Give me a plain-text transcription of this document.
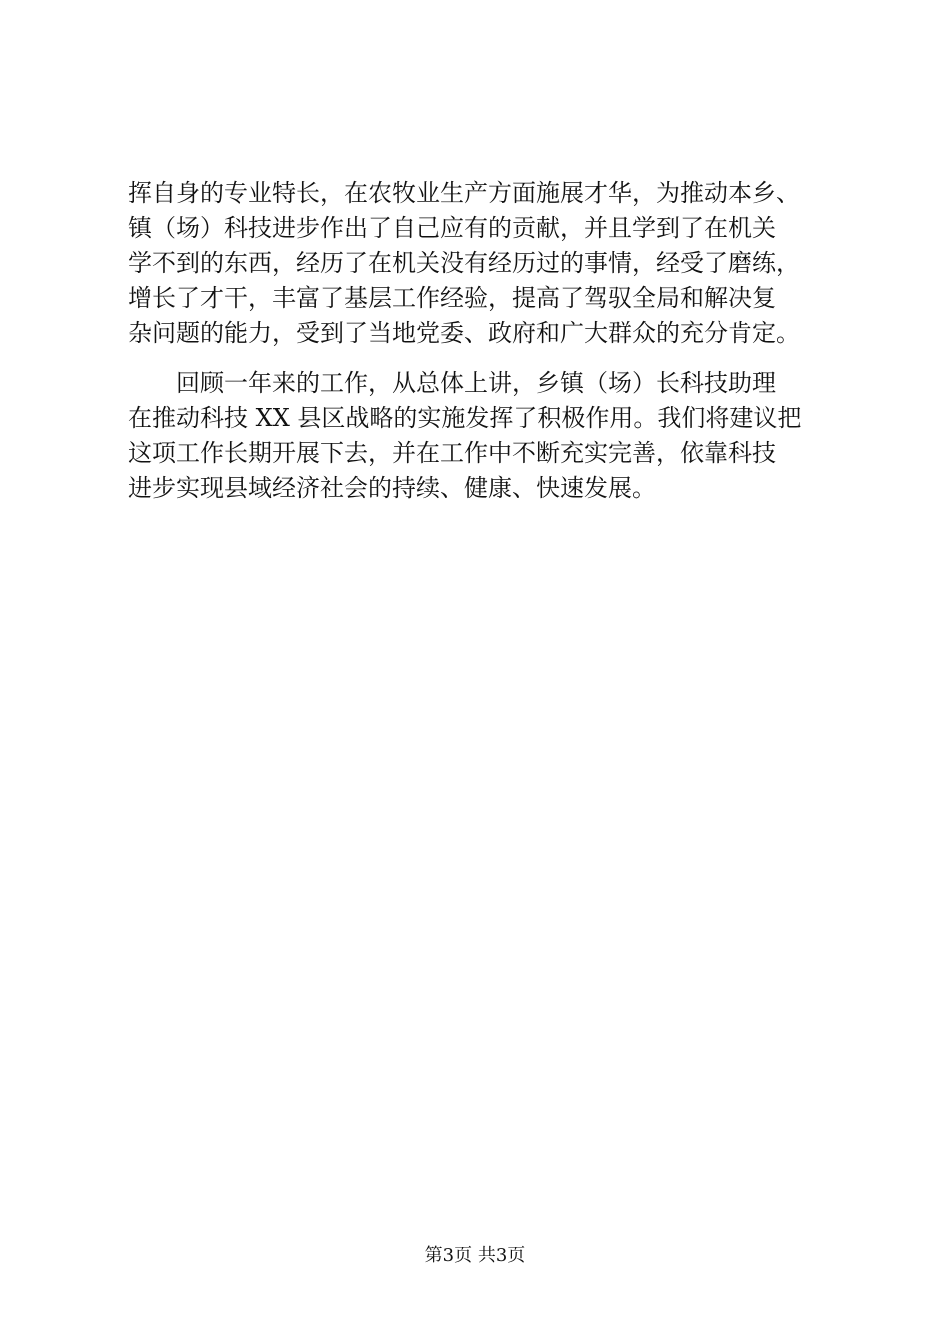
挥自身的专业特长，在农牧业生产方面施展才华，为推动本乡、
镇（场）科技进步作出了自己应有的贡献，并且学到了在机关
学不到的东西，经历了在机关没有经历过的事情，经受了磨练，
增长了才干，丰富了基层工作经验，提高了驾驭全局和解决复
杂问题的能力，受到了当地党委、政府和广大群众的充分肯定。
　　回顾一年来的工作，从总体上讲，乡镇（场）长科技助理
在推动科技 XX 县区战略的实施发挥了积极作用。我们将建议把
这项工作长期开展下去，并在工作中不断充实完善，依靠科技
进步实现县域经济社会的持续、健康、快速发展。
第3页 共3页
